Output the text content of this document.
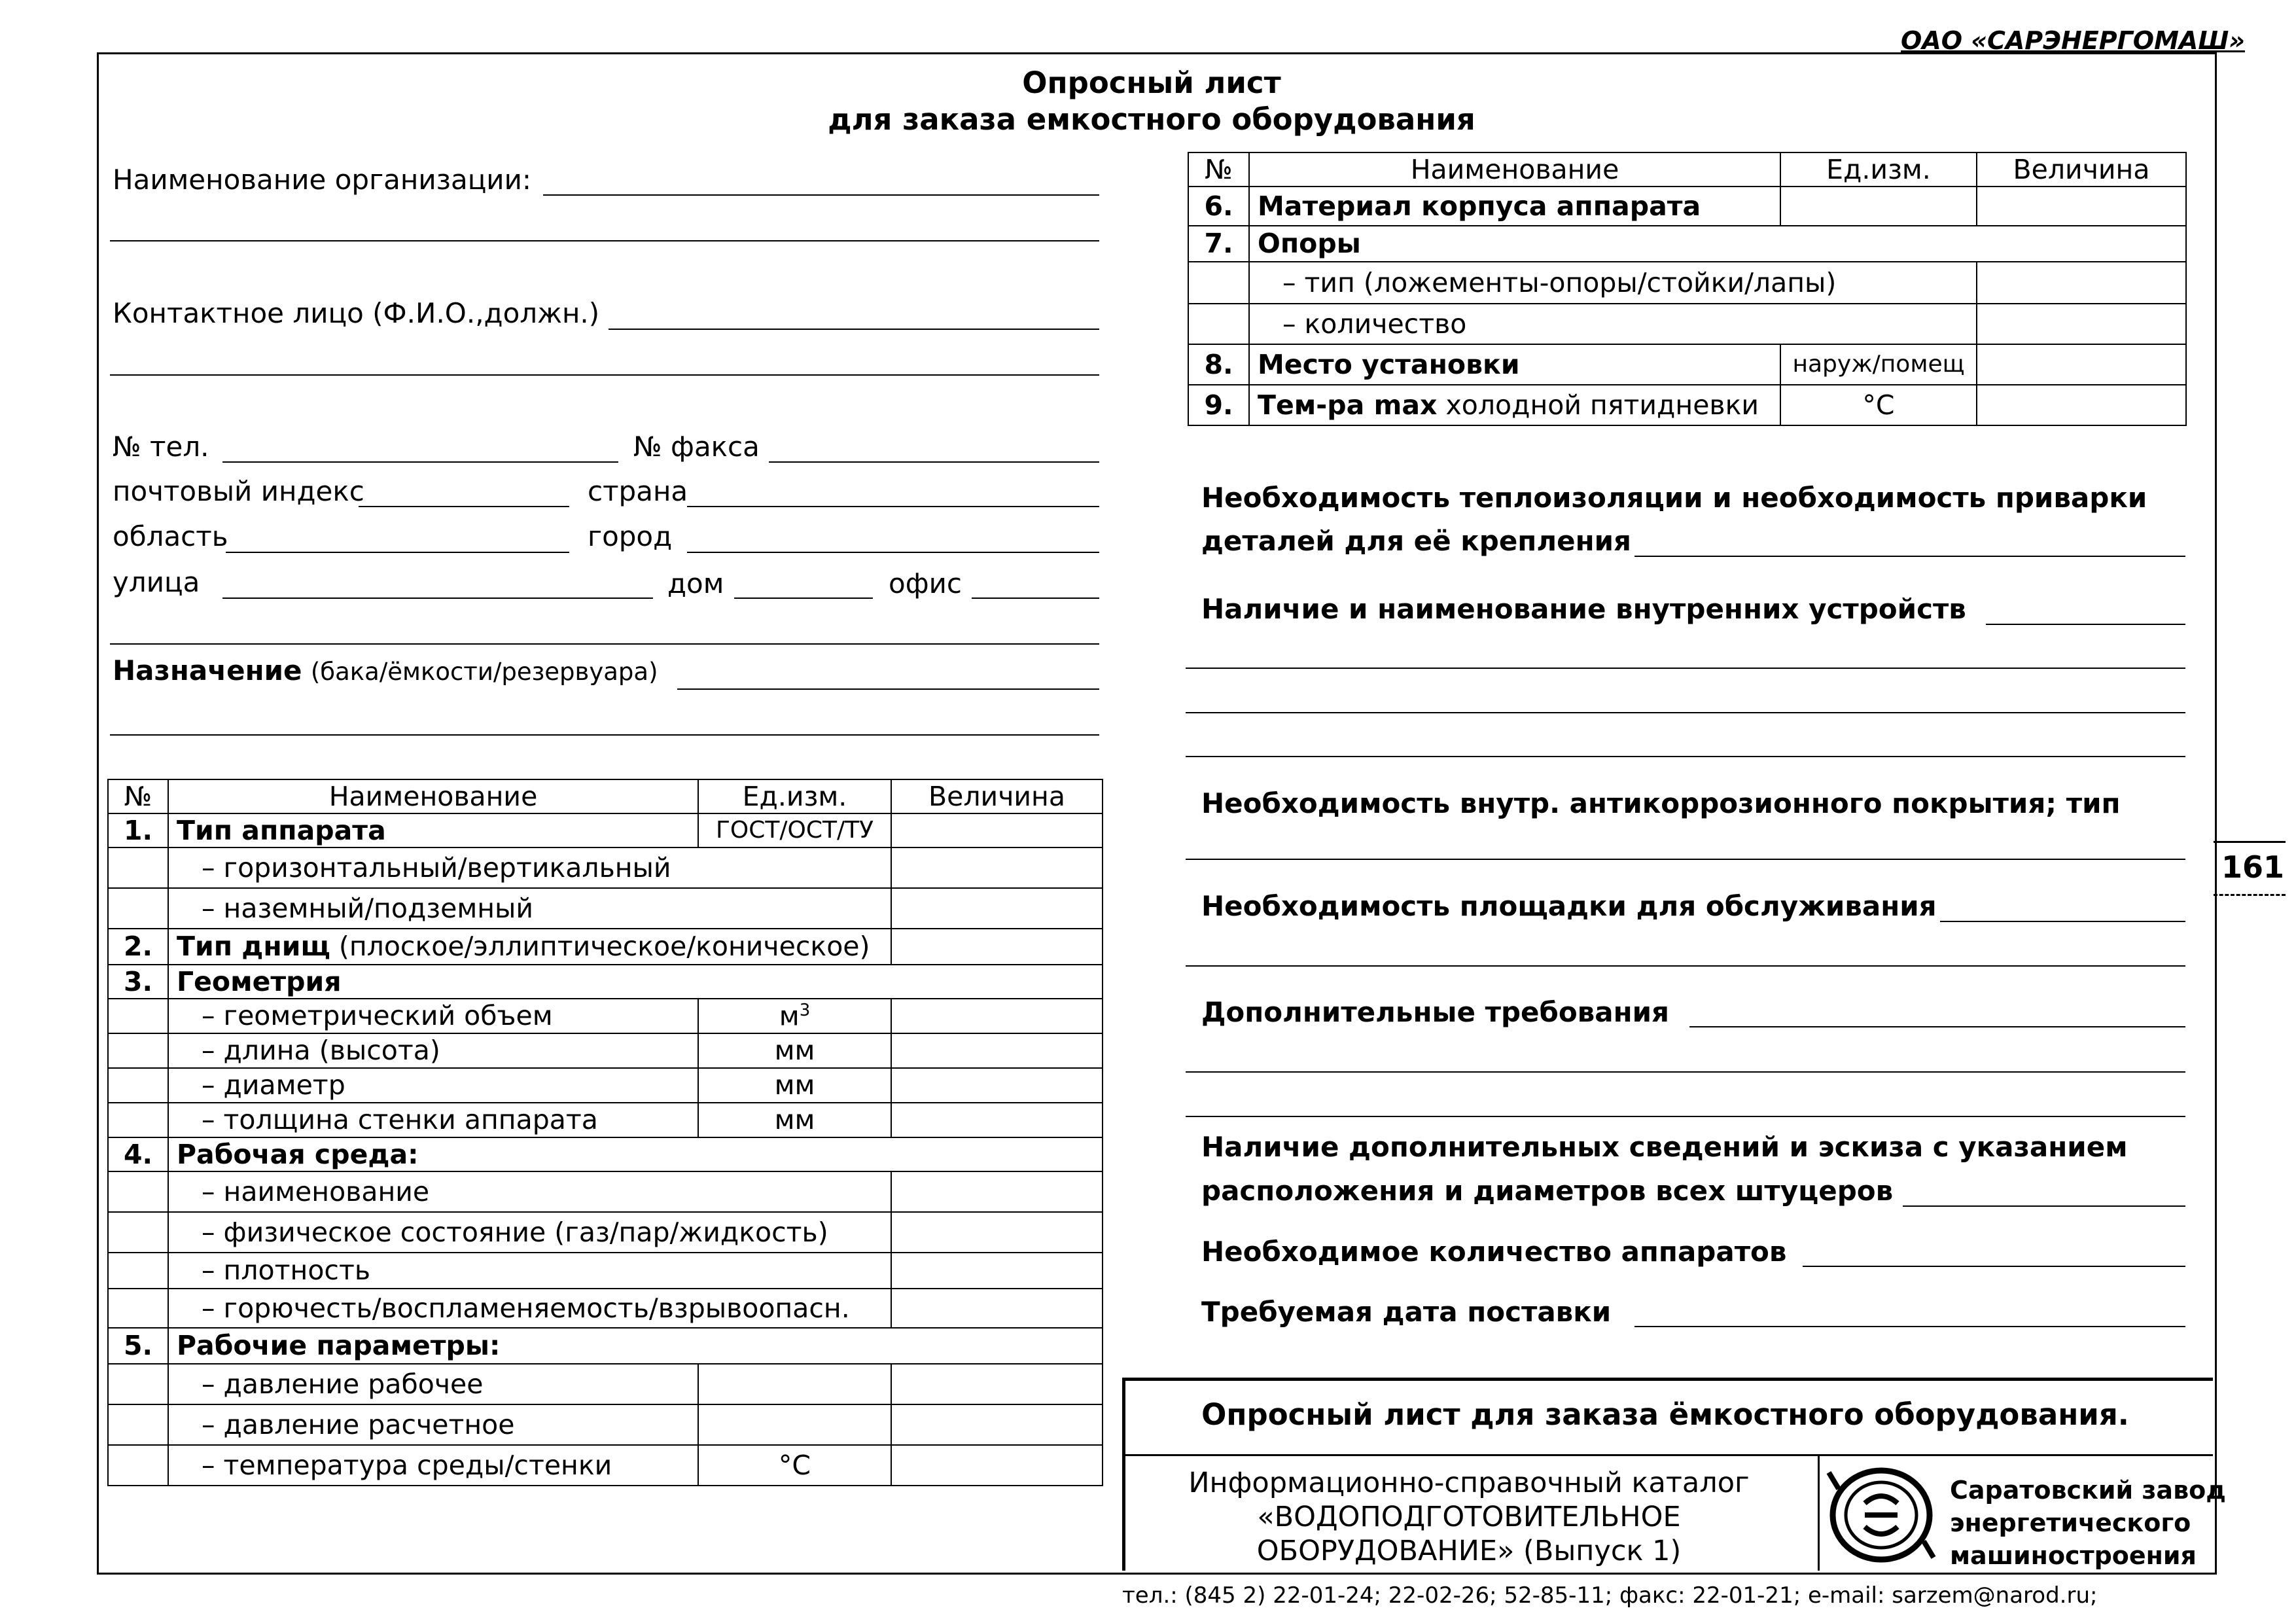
ОАО «САРЭНЕРГОМАШ»
161
Опросный лист
для заказа емкостного оборудования
Наименование организации:
Контактное лицо (Ф.И.О.,должн.)
№ тел.	№ факса
почтовый индекс	страна
область	город
улица	дом	офис
Назначение (бака/ёмкости/резервуара)
№	Наименование	Ед.изм.	Величина
1.	Тип аппарата	ГОСТ/ОСТ/ТУ	
	– горизонтальный/вертикальный		
	– наземный/подземный		
2.	Тип днищ (плоское/эллиптическое/коническое)		
3.	Геометрия		
	– геометрический объем	$м^3$	
	– длина (высота)	мм	
	– диаметр	мм	
	– толщина стенки аппарата	мм	
4.	Рабочая среда:		
	– наименование		
	– физическое состояние (газ/пар/жидкость)		
	– плотность		
	– горючесть/воспламеняемость/взрывоопасн.		
5.	Рабочие параметры:		
	– давление рабочее		
	– давление расчетное		
	– температура среды/стенки	°C	
№	Наименование	Ед.изм.	Величина
6.	Материал корпуса аппарата		
7.	Опоры		
	– тип (ложементы-опоры/стойки/лапы)		
	– количество		
8.	Место установки	наруж/помещ	
9.	Тем-ра max холодной пятидневки	°C	
Необходимость теплоизоляции и необходимость приварки
деталей для её крепления
Наличие и наименование внутренних устройств
Необходимость внутр. антикоррозионного покрытия; тип
Необходимость площадки для обслуживания
Дополнительные требования
Наличие дополнительных сведений и эскиза с указанием
расположения и диаметров всех штуцеров
Необходимое количество аппаратов
Требуемая дата поставки
Опросный лист для заказа ёмкостного оборудования.
Информационно-справочный каталог
«ВОДОПОДГОТОВИТЕЛЬНОЕ
ОБОРУДОВАНИЕ» (Выпуск 1)
Саратовский завод
энергетического
машиностроения
тел.: (845 2) 22-01-24; 22-02-26; 52-85-11; факс: 22-01-21; e-mail: sarzem@narod.ru;
